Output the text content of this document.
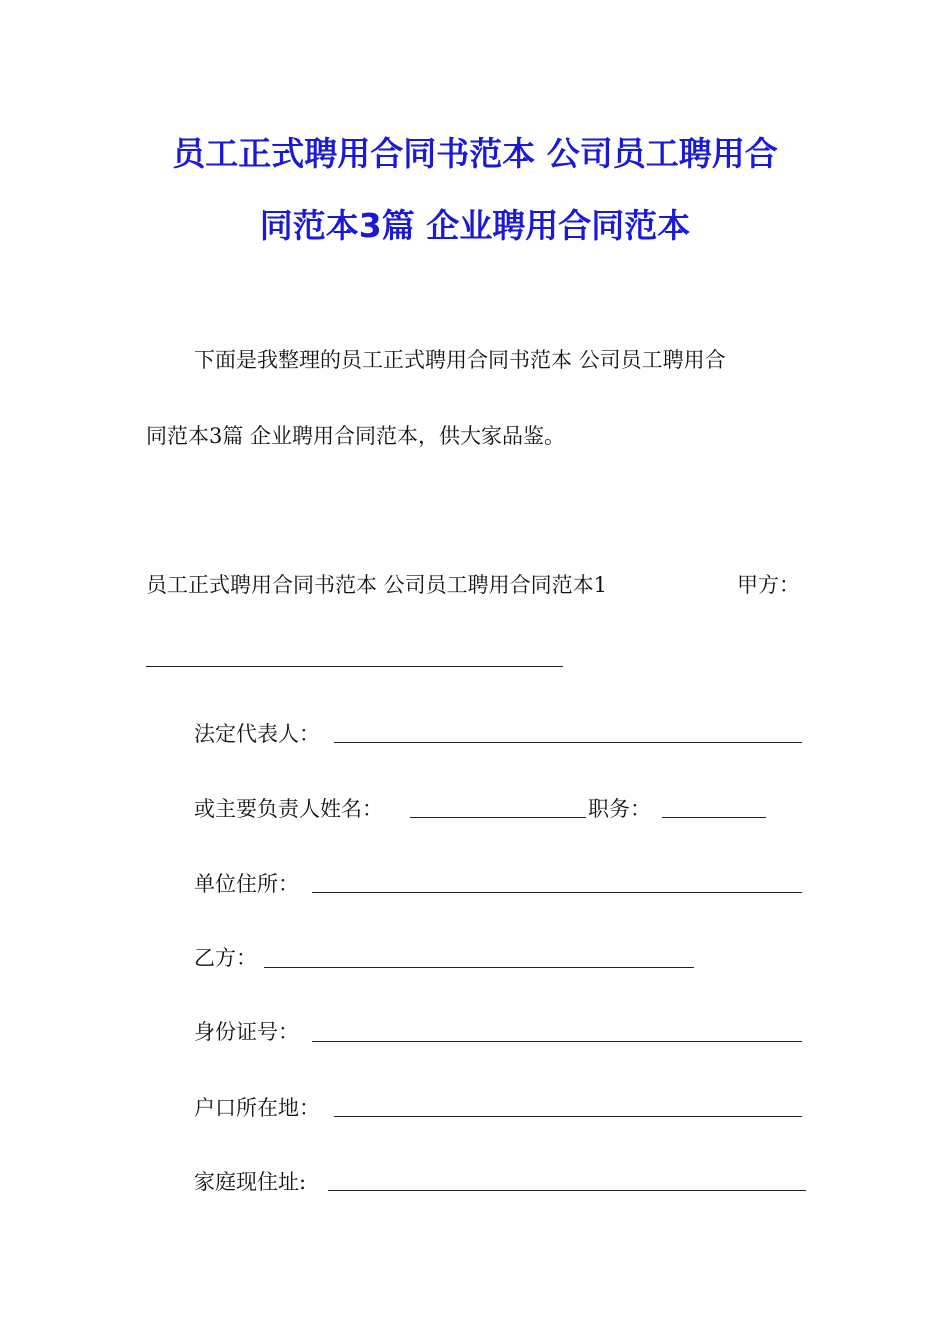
员工正式聘用合同书范本 公司员工聘用合
同范本3篇 企业聘用合同范本
下面是我整理的员工正式聘用合同书范本 公司员工聘用合
同范本3篇 企业聘用合同范本，供大家品鉴。
员工正式聘用合同书范本 公司员工聘用合同范本1	甲方：
法定代表人：
或主要负责人姓名：	职务：
单位住所：
乙方：
身份证号：
户口所在地：
家庭现住址:
